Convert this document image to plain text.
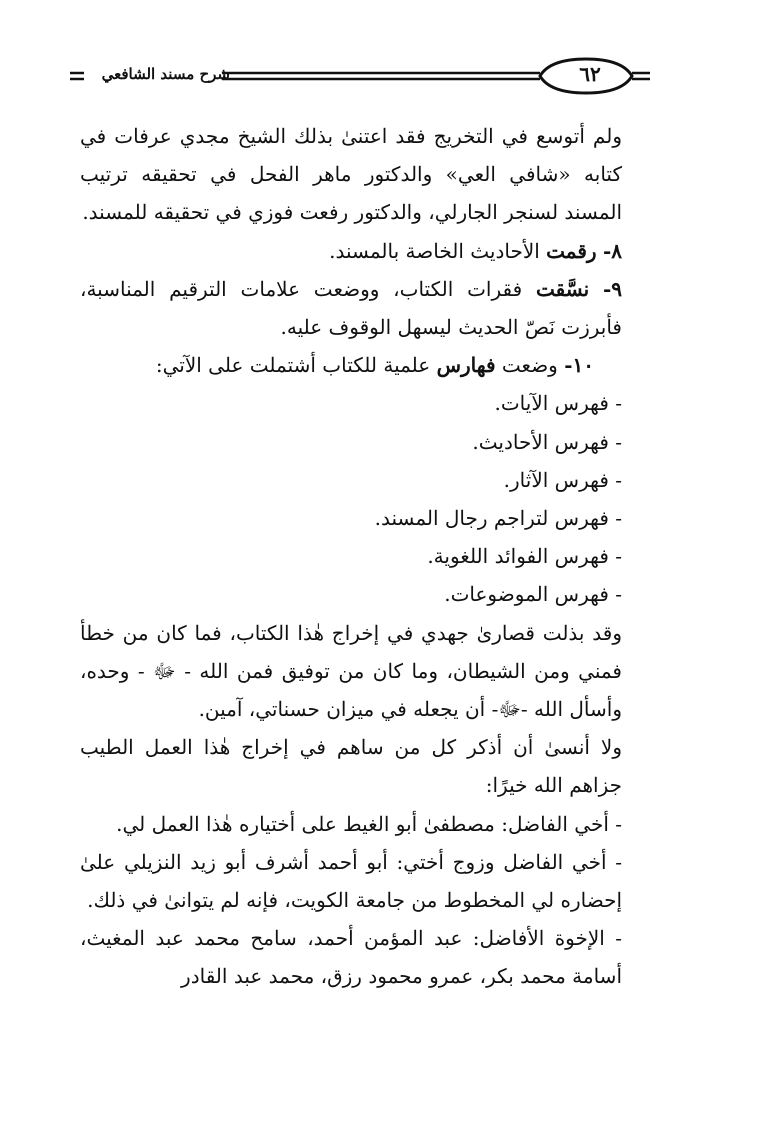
شرح مسند الشافعي	٦٢

ولم أتوسع في التخريج فقد اعتنىٰ بذلك الشيخ مجدي عرفات في كتابه «شافي العي» والدكتور ماهر الفحل في تحقيقه ترتيب المسند لسنجر الجارلي، والدكتور رفعت فوزي في تحقيقه للمسند.

٨- رقمت الأحاديث الخاصة بالمسند.

٩- نسَّقت فقرات الكتاب، ووضعت علامات الترقيم المناسبة، فأبرزت نَصّ الحديث ليسهل الوقوف عليه.

١٠- وضعت فهارس علمية للكتاب أشتملت على الآتي:

- فهرس الآيات.

- فهرس الأحاديث.

- فهرس الآثار.

- فهرس لتراجم رجال المسند.

- فهرس الفوائد اللغوية.

- فهرس الموضوعات.

وقد بذلت قصارىٰ جهدي في إخراج هٰذا الكتاب، فما كان من خطأ فمني ومن الشيطان، وما كان من توفيق فمن الله - ﷻ - وحده، وأسأل الله -ﷻ- أن يجعله في ميزان حسناتي، آمين.

ولا أنسىٰ أن أذكر كل من ساهم في إخراج هٰذا العمل الطيب جزاهم الله خيرًا:

- أخي الفاضل: مصطفىٰ أبو الغيط على أختياره هٰذا العمل لي.

- أخي الفاضل وزوج أختي: أبو أحمد أشرف أبو زيد النزيلي علىٰ إحضاره لي المخطوط من جامعة الكويت، فإنه لم يتوانىٰ في ذلك.

- الإخوة الأفاضل: عبد المؤمن أحمد، سامح محمد عبد المغيث، أسامة محمد بكر، عمرو محمود رزق، محمد عبد القادر
